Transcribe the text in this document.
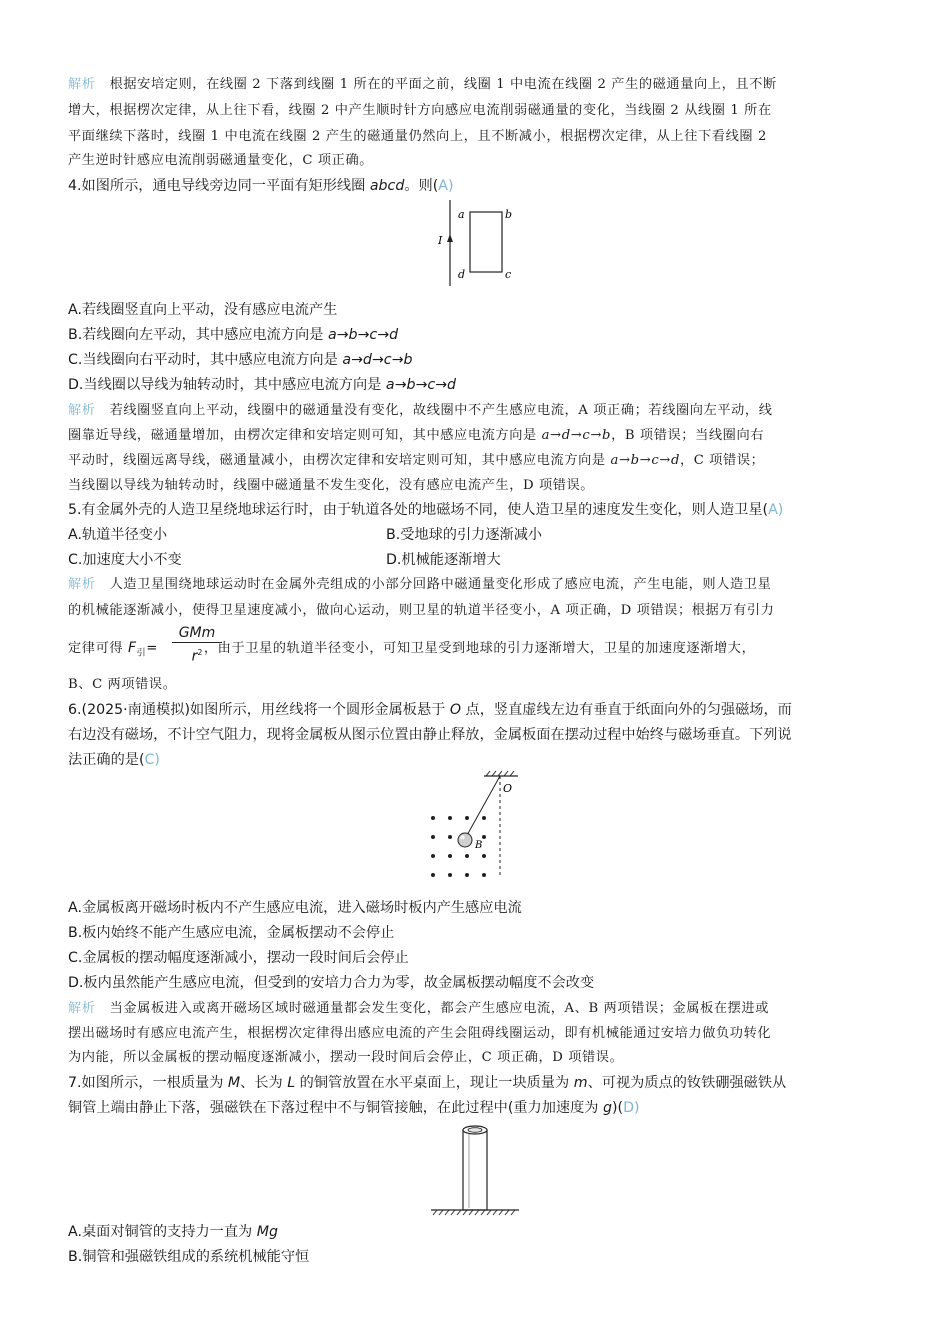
解析 根据安培定则，在线圈 2 下落到线圈 1 所在的平面之前，线圈 1 中电流在线圈 2 产生的磁通量向上，且不断
增大，根据楞次定律，从上往下看，线圈 2 中产生顺时针方向感应电流削弱磁通量的变化，当线圈 2 从线圈 1 所在
平面继续下落时，线圈 1 中电流在线圈 2 产生的磁通量仍然向上，且不断减小，根据楞次定律，从上往下看线圈 2
产生逆时针感应电流削弱磁通量变化，C 项正确。
4.如图所示，通电导线旁边同一平面有矩形线圈 abcd。则(A)
I
a	b
c
d
A.若线圈竖直向上平动，没有感应电流产生
B.若线圈向左平动，其中感应电流方向是 a→b→c→d
C.当线圈向右平动时，其中感应电流方向是 a→d→c→b
D.当线圈以导线为轴转动时，其中感应电流方向是 a→b→c→d
解析 若线圈竖直向上平动，线圈中的磁通量没有变化，故线圈中不产生感应电流，A 项正确；若线圈向左平动，线
圈靠近导线，磁通量增加，由楞次定律和安培定则可知，其中感应电流方向是 a→d→c→b，B 项错误；当线圈向右
平动时，线圈远离导线，磁通量减小，由楞次定律和安培定则可知，其中感应电流方向是 a→b→c→d，C 项错误；
当线圈以导线为轴转动时，线圈中磁通量不发生变化，没有感应电流产生，D 项错误。
5.有金属外壳的人造卫星绕地球运行时，由于轨道各处的地磁场不同，使人造卫星的速度发生变化，则人造卫星(A)
A.轨道半径变小	B.受地球的引力逐渐减小
C.加速度大小不变	D.机械能逐渐增大
解析 人造卫星围绕地球运动时在金属外壳组成的小部分回路中磁通量变化形成了感应电流，产生电能，则人造卫星
的机械能逐渐减小，使得卫星速度减小，做向心运动，则卫星的轨道半径变小，A 项正确，D 项错误；根据万有引力
定律可得 $F_引=$	，由于卫星的轨道半径变小，可知卫星受到地球的引力逐渐增大，卫星的加速度逐渐增大，
GMm
$r^2$
B、C 两项错误。
6.(2025·南通模拟)如图所示，用丝线将一个圆形金属板悬于 O 点，竖直虚线左边有垂直于纸面向外的匀强磁场，而
右边没有磁场，不计空气阻力，现将金属板从图示位置由静止释放，金属板面在摆动过程中始终与磁场垂直。下列说
法正确的是(C)
O
B
A.金属板离开磁场时板内不产生感应电流，进入磁场时板内产生感应电流
B.板内始终不能产生感应电流，金属板摆动不会停止
C.金属板的摆动幅度逐渐减小，摆动一段时间后会停止
D.板内虽然能产生感应电流，但受到的安培力合力为零，故金属板摆动幅度不会改变
解析 当金属板进入或离开磁场区域时磁通量都会发生变化，都会产生感应电流，A、B 两项错误；金属板在摆进或
摆出磁场时有感应电流产生，根据楞次定律得出感应电流的产生会阻碍线圈运动，即有机械能通过安培力做负功转化
为内能，所以金属板的摆动幅度逐渐减小，摆动一段时间后会停止，C 项正确，D 项错误。
7.如图所示，一根质量为 M、长为 L 的铜管放置在水平桌面上，现让一块质量为 m、可视为质点的钕铁硼强磁铁从
铜管上端由静止下落，强磁铁在下落过程中不与铜管接触，在此过程中(重力加速度为 g)(D)
A.桌面对铜管的支持力一直为 Mg
B.铜管和强磁铁组成的系统机械能守恒
